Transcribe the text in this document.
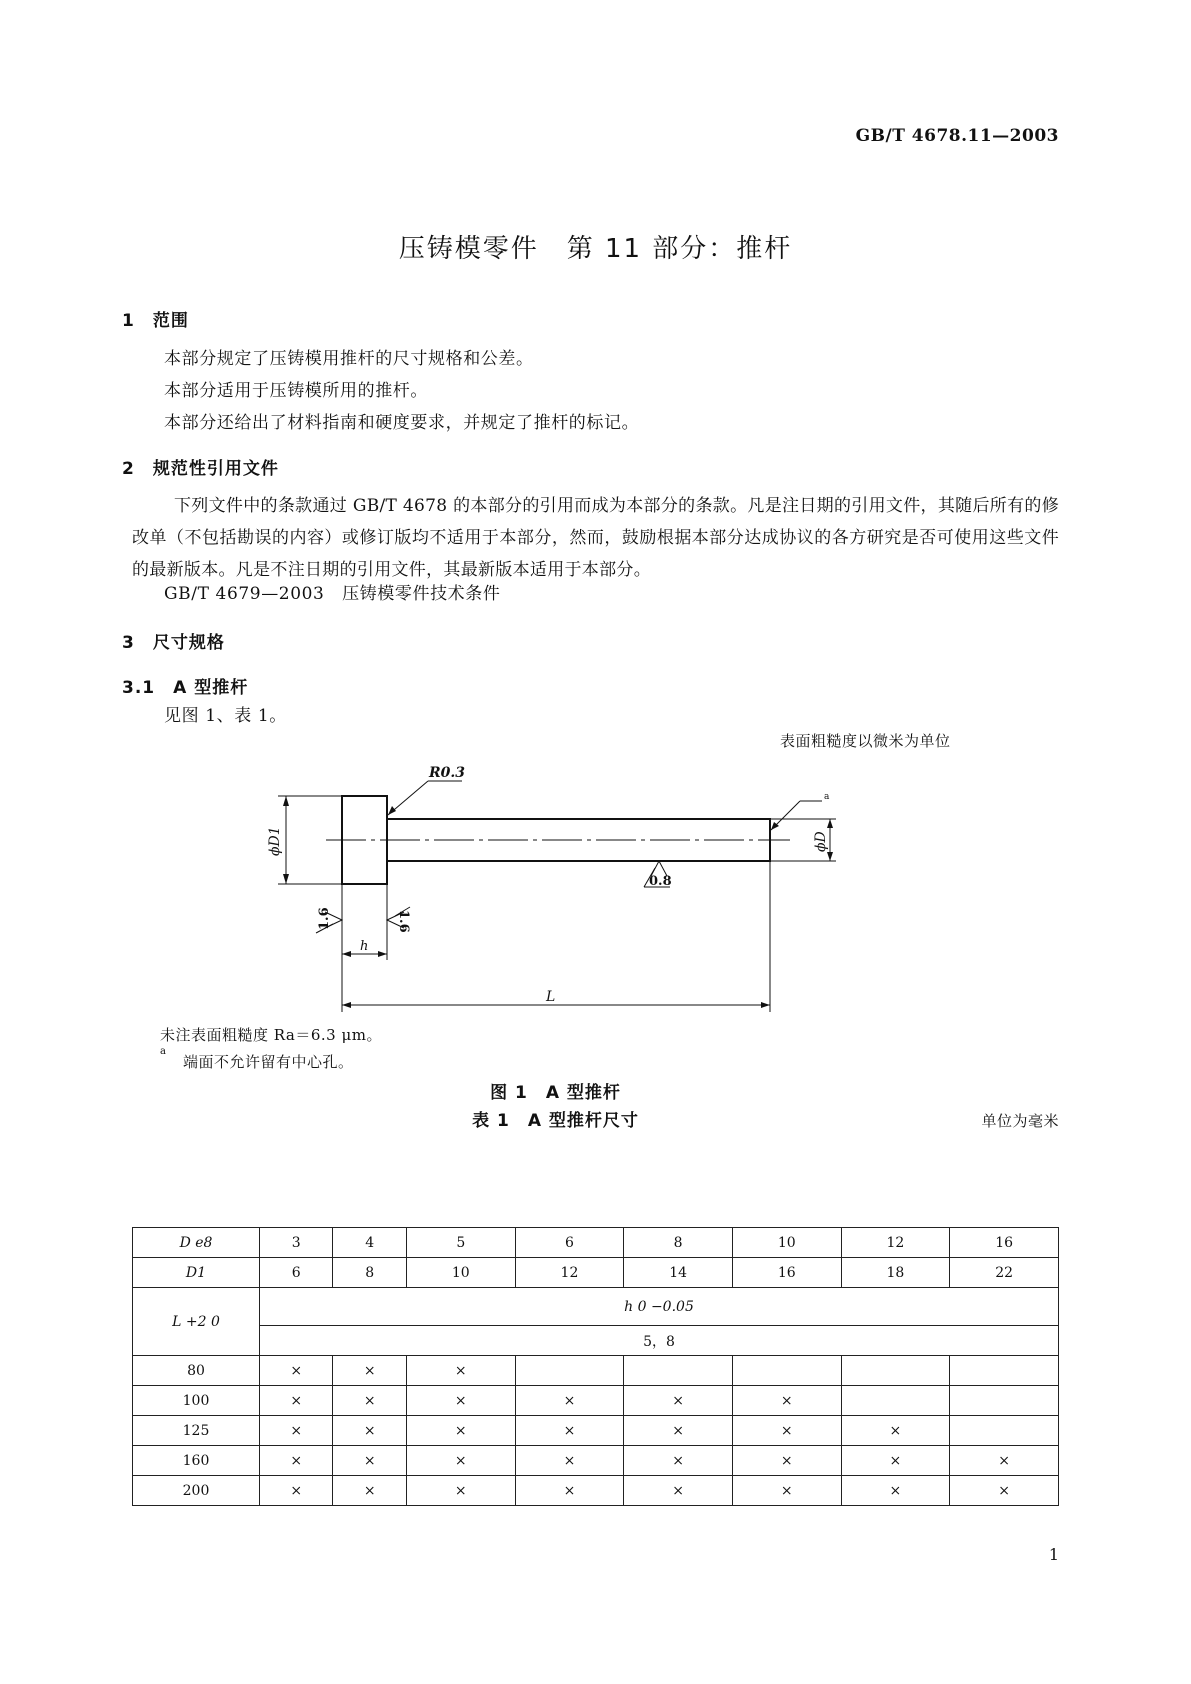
GB/T 4678.11—2003
压铸模零件　第 11 部分：推杆
1　范围
本部分规定了压铸模用推杆的尺寸规格和公差。
本部分适用于压铸模所用的推杆。
本部分还给出了材料指南和硬度要求，并规定了推杆的标记。
2　规范性引用文件
下列文件中的条款通过 GB/T 4678 的本部分的引用而成为本部分的条款。凡是注日期的引用文件，其随后所有的修改单（不包括勘误的内容）或修订版均不适用于本部分，然而，鼓励根据本部分达成协议的各方研究是否可使用这些文件的最新版本。凡是不注日期的引用文件，其最新版本适用于本部分。
GB/T 4679—2003　压铸模零件技术条件
3　尺寸规格
3.1　A 型推杆
见图 1、表 1。
表面粗糙度以微米为单位
R0.3
a
ϕD1	ϕD
0.8
1.6	1.6
h
L
未注表面粗糙度 Ra＝6.3 μm。
a
端面不允许留有中心孔。
图 1　A 型推杆
表 1　A 型推杆尺寸	单位为毫米
D e8	3	4	5	6	8	10	12	16
D1	6	8	10	12	14	16	18	22
L +2 0	h 0 −0.05							
	5，8							
80	×	×	×					
100	×	×	×	×	×	×		
125	×	×	×	×	×	×	×	
160	×	×	×	×	×	×	×	×
200	×	×	×	×	×	×	×	×
1
